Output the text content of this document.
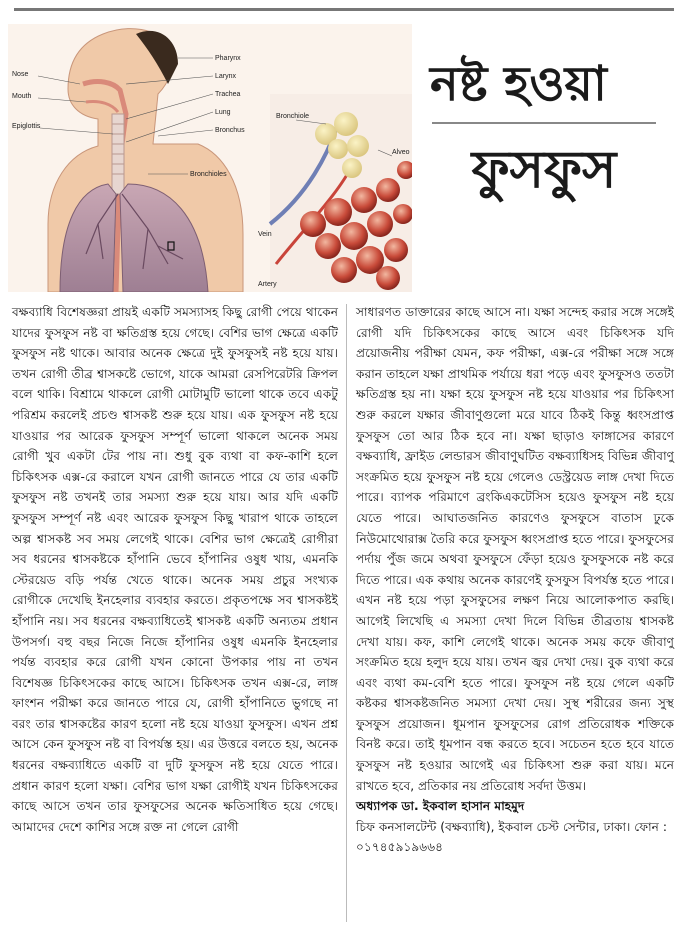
Nose
Mouth
Epiglottis
Pharynx
Larynx
Trachea
Lung
Bronchus
Bronchioles
Bronchiole
Alveo
Vein
Artery
নষ্ট হওয়া
ফুসফুস

বক্ষব্যাধি বিশেষজ্ঞরা প্রায়ই একটি সমস্যাসহ কিছু রোগী পেয়ে থাকেন যাদের ফুসফুস নষ্ট বা ক্ষতিগ্রস্ত হয়ে গেছে। বেশির ভাগ ক্ষেত্রে একটি ফুসফুস নষ্ট থাকে। আবার অনেক ক্ষেত্রে দুই ফুসফুসই নষ্ট হয়ে যায়। তখন রোগী তীব্র শ্বাসকষ্টে ভোগে, যাকে আমরা রেসপিরেটরি ক্রিপল বলে থাকি। বিশ্রামে থাকলে রোগী মোটামুটি ভালো থাকে তবে একটু পরিশ্রম করলেই প্রচণ্ড শ্বাসকষ্ট শুরু হয়ে যায়। এক ফুসফুস নষ্ট হয়ে যাওয়ার পর আরেক ফুসফুস সম্পূর্ণ ভালো থাকলে অনেক সময় রোগী খুব একটা টের পায় না। শুধু বুক ব্যথা বা কফ-কাশি হলে চিকিৎসক এক্স-রে করালে যখন রোগী জানতে পারে যে তার একটি ফুসফুস নষ্ট তখনই তার সমস্যা শুরু হয়ে যায়। আর যদি একটি ফুসফুস সম্পূর্ণ নষ্ট এবং আরেক ফুসফুস কিছু খারাপ থাকে তাহলে অল্প শ্বাসকষ্ট সব সময় লেগেই থাকে। বেশির ভাগ ক্ষেত্রেই রোগীরা সব ধরনের শ্বাসকষ্টকে হাঁপানি ভেবে হাঁপানির ওষুধ খায়, এমনকি স্টেরয়েড বড়ি পর্যন্ত খেতে থাকে। অনেক সময় প্রচুর সংখ্যক রোগীকে দেখেছি ইনহেলার ব্যবহার করতে। প্রকৃতপক্ষে সব শ্বাসকষ্টই হাঁপানি নয়। সব ধরনের বক্ষব্যাধিতেই শ্বাসকষ্ট একটি অন্যতম প্রধান উপসর্গ। বহু বছর নিজে নিজে হাঁপানির ওষুধ এমনকি ইনহেলার পর্যন্ত ব্যবহার করে রোগী যখন কোনো উপকার পায় না তখন বিশেষজ্ঞ চিকিৎসকের কাছে আসে। চিকিৎসক তখন এক্স-রে, লাঙ্গ ফাংশন পরীক্ষা করে জানতে পারে যে, রোগী হাঁপানিতে ভুগছে না বরং তার শ্বাসকষ্টের কারণ হলো নষ্ট হয়ে যাওয়া ফুসফুস। এখন প্রশ্ন আসে কেন ফুসফুস নষ্ট বা বিপর্যস্ত হয়। এর উত্তরে বলতে হয়, অনেক ধরনের বক্ষব্যাধিতে একটি বা দুটি ফুসফুস নষ্ট হয়ে যেতে পারে। প্রধান কারণ হলো যক্ষা। বেশির ভাগ যক্ষা রোগীই যখন চিকিৎসকের কাছে আসে তখন তার ফুসফুসের অনেক ক্ষতিসাধিত হয়ে গেছে। আমাদের দেশে কাশির সঙ্গে রক্ত না গেলে রোগী

সাধারণত ডাক্তারের কাছে আসে না। যক্ষা সন্দেহ করার সঙ্গে সঙ্গেই রোগী যদি চিকিৎসকের কাছে আসে এবং চিকিৎসক যদি প্রয়োজনীয় পরীক্ষা যেমন, কফ পরীক্ষা, এক্স-রে পরীক্ষা সঙ্গে সঙ্গে করান তাহলে যক্ষা প্রাথমিক পর্যায়ে ধরা পড়ে এবং ফুসফুসও ততটা ক্ষতিগ্রস্ত হয় না। যক্ষা হয়ে ফুসফুস নষ্ট হয়ে যাওয়ার পর চিকিৎসা শুরু করলে যক্ষার জীবাণুগুলো মরে যাবে ঠিকই কিন্তু ধ্বংসপ্রাপ্ত ফুসফুস তো আর ঠিক হবে না। যক্ষা ছাড়াও ফাঙ্গাসের কারণে বক্ষব্যাধি, ফ্রাইড লেন্ডারস জীবাণুঘটিত বক্ষব্যাধিসহ বিভিন্ন জীবাণু সংক্রমিত হয়ে ফুসফুস নষ্ট হয়ে গেলেও ডেস্ট্রয়েড লাঙ্গ দেখা দিতে পারে। ব্যাপক পরিমাণে ব্রংকিএকটেসিস হয়েও ফুসফুস নষ্ট হয়ে যেতে পারে। আঘাতজনিত কারণেও ফুসফুসে বাতাস ঢুকে নিউমোথোরাক্স তৈরি করে ফুসফুস ধ্বংসপ্রাপ্ত হতে পারে। ফুসফুসের পর্দায় পুঁজ জমে অথবা ফুসফুসে ফেঁড়া হয়েও ফুসফুসকে নষ্ট করে দিতে পারে। এক কথায় অনেক কারণেই ফুসফুস বিপর্যস্ত হতে পারে। এখন নষ্ট হয়ে পড়া ফুসফুসের লক্ষণ নিয়ে আলোকপাত করছি। আগেই লিখেছি এ সমস্যা দেখা দিলে বিভিন্ন তীব্রতায় শ্বাসকষ্ট দেখা যায়। কফ, কাশি লেগেই থাকে। অনেক সময় কফে জীবাণু সংক্রমিত হয়ে হলুদ হয়ে যায়। তখন জ্বর দেখা দেয়। বুক ব্যথা করে এবং ব্যথা কম-বেশি হতে পারে। ফুসফুস নষ্ট হয়ে গেলে একটি কষ্টকর শ্বাসকষ্টজনিত সমস্যা দেখা দেয়। সুস্থ শরীরের জন্য সুস্থ ফুসফুস প্রয়োজন। ধূমপান ফুসফুসের রোগ প্রতিরোধক শক্তিকে বিনষ্ট করে। তাই ধূমপান বন্ধ করতে হবে। সচেতন হতে হবে যাতে ফুসফুস নষ্ট হওয়ার আগেই এর চিকিৎসা শুরু করা যায়। মনে রাখতে হবে, প্রতিকার নয় প্রতিরোধ সর্বদা উত্তম।

অধ্যাপক ডা. ইকবাল হাসান মাহমুদ
চিফ কনসালটেন্ট (বক্ষব্যাধি), ইকবাল চেস্ট সেন্টার, ঢাকা। ফোন : ০১৭৪৫৯১৯৬৬৪
